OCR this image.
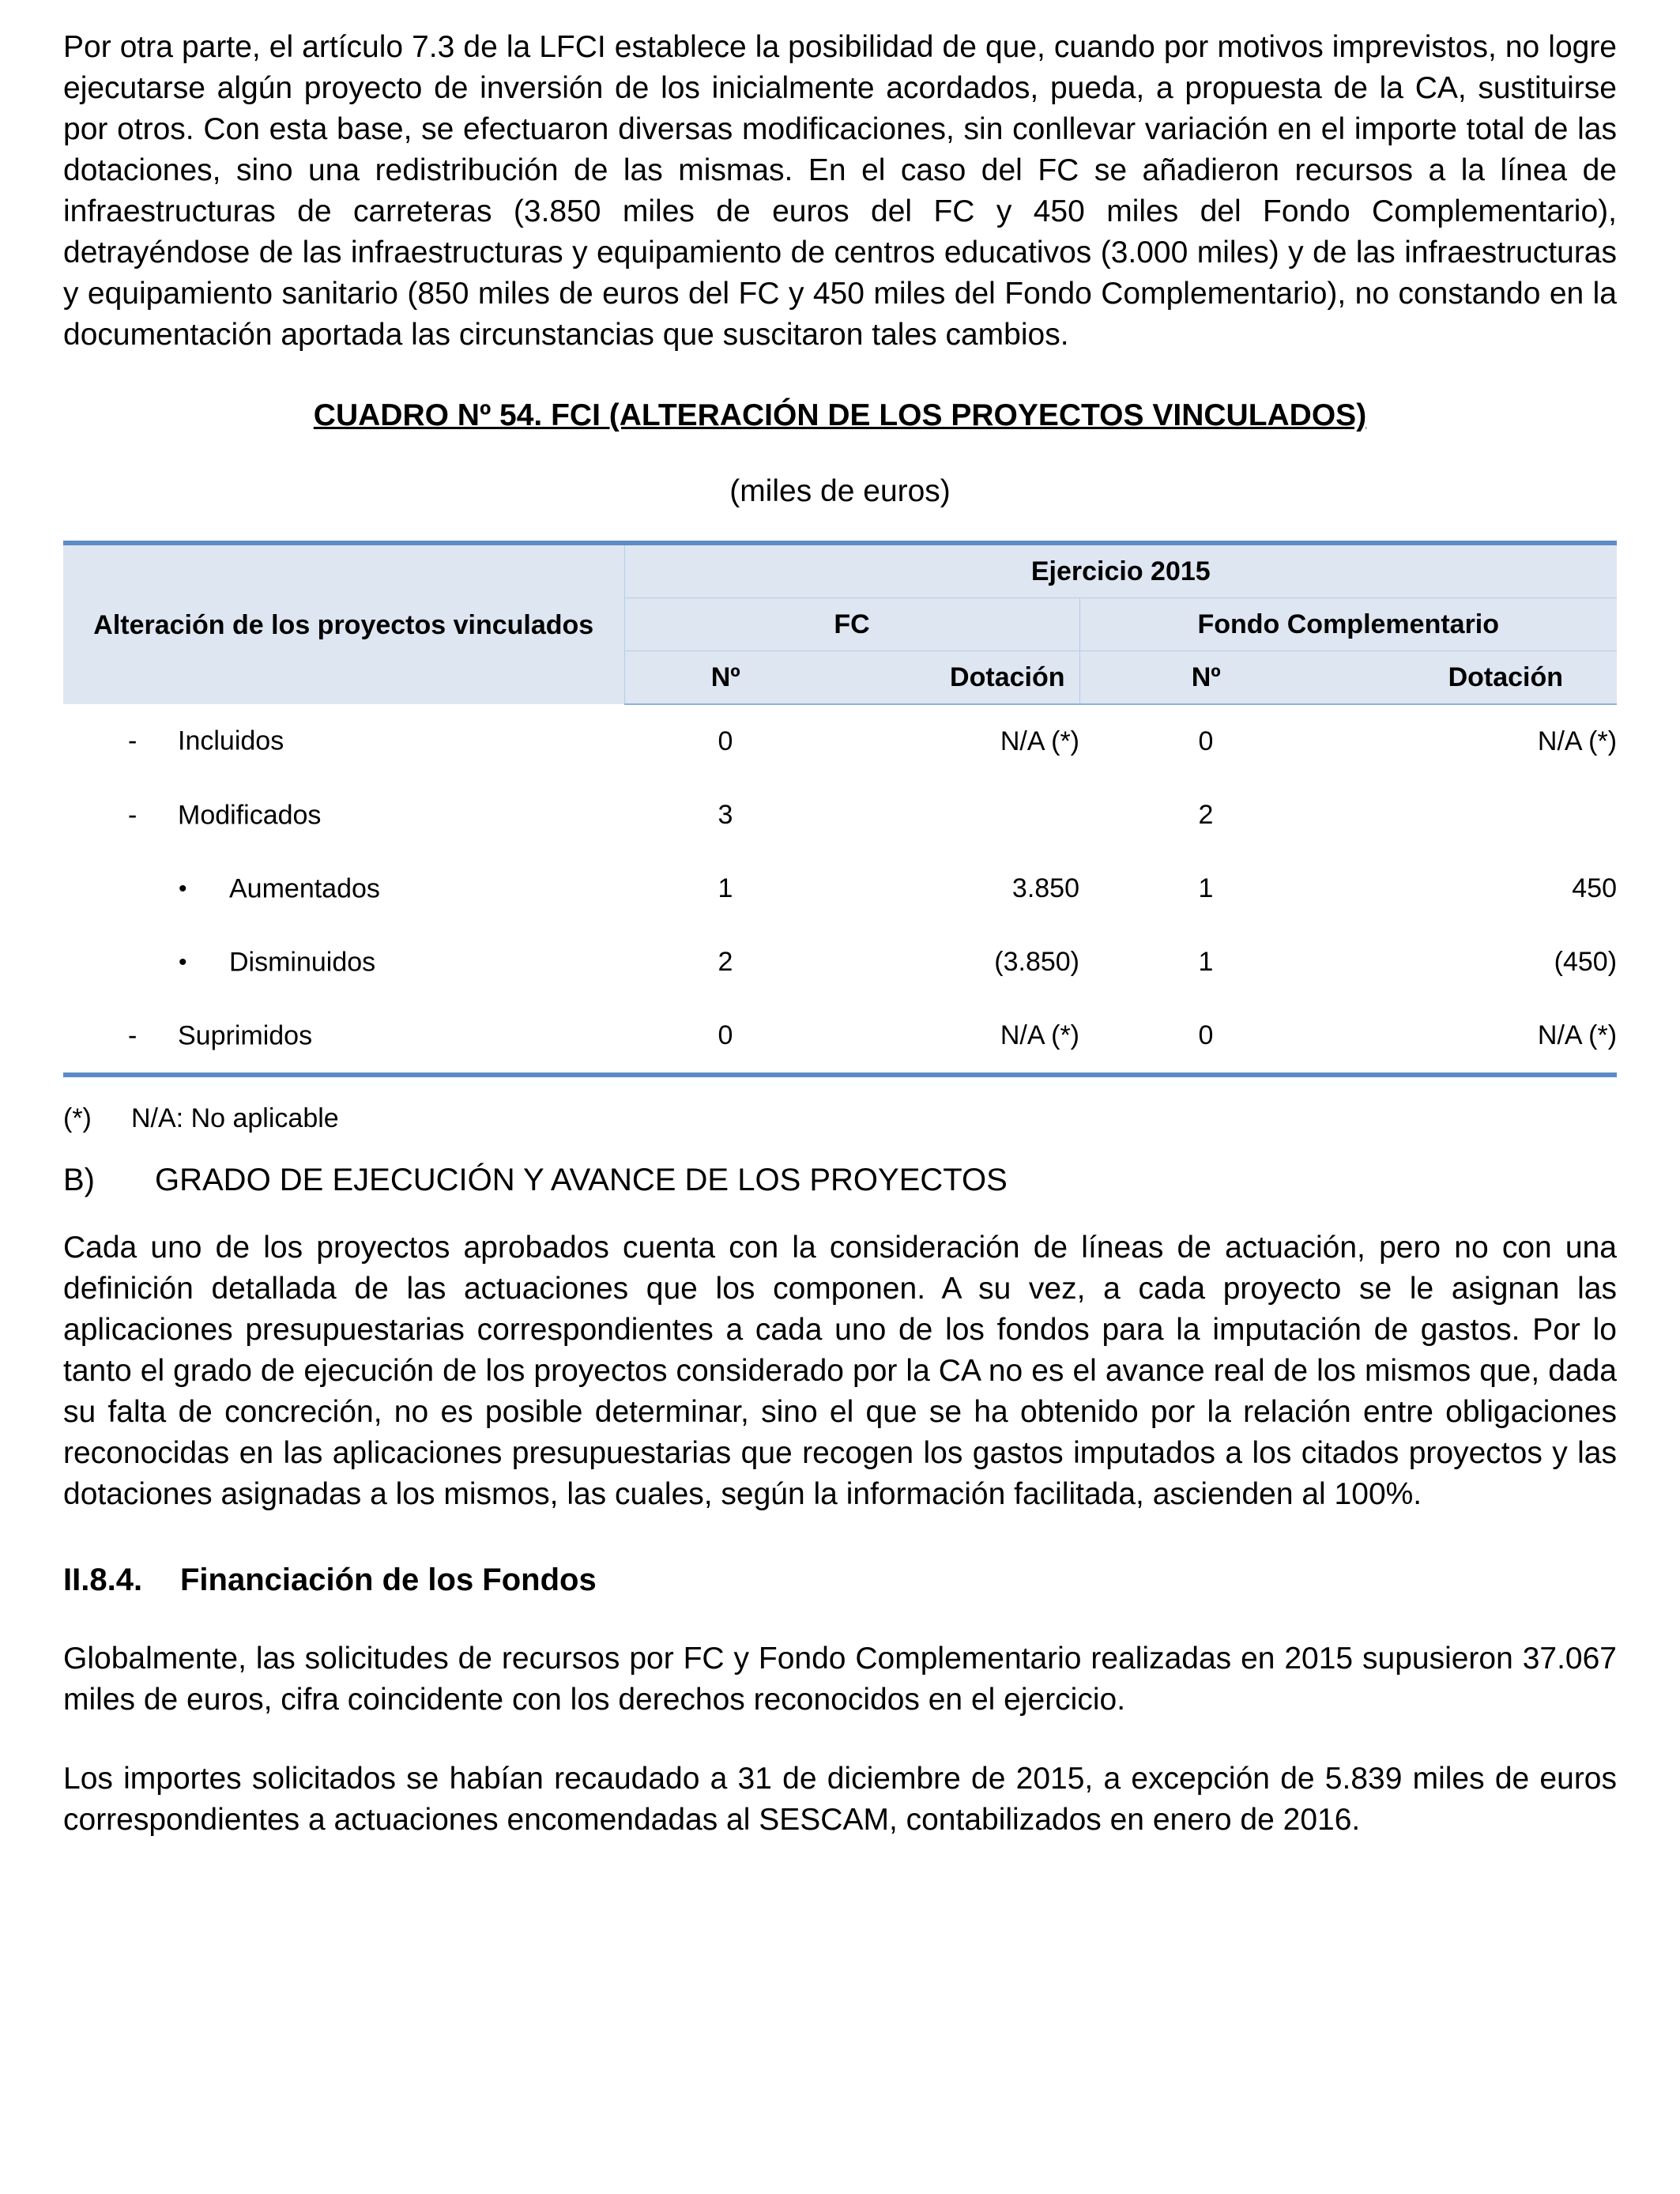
Por otra parte, el artículo 7.3 de la LFCI establece la posibilidad de que, cuando por motivos imprevistos, no logre ejecutarse algún proyecto de inversión de los inicialmente acordados, pueda, a propuesta de la CA, sustituirse por otros. Con esta base, se efectuaron diversas modificaciones, sin conllevar variación en el importe total de las dotaciones, sino una redistribución de las mismas. En el caso del FC se añadieron recursos a la línea de infraestructuras de carreteras (3.850 miles de euros del FC y 450 miles del Fondo Complementario), detrayéndose de las infraestructuras y equipamiento de centros educativos (3.000 miles) y de las infraestructuras y equipamiento sanitario (850 miles de euros del FC y 450 miles del Fondo Complementario), no constando en la documentación aportada las circunstancias que suscitaron tales cambios.

CUADRO Nº 54. FCI (ALTERACIÓN DE LOS PROYECTOS VINCULADOS)
(miles de euros)
Alteración de los proyectos vinculados	Ejercicio 2015			
	FC		Fondo Complementario	
	Nº	Dotación	Nº	Dotación

- Incluidos	0	N/A (*)	0	N/A (*)

- Modificados	3		2	

• Aumentados	1	3.850	1	450

• Disminuidos	2	(3.850)	1	(450)

- Suprimidos	0	N/A (*)	0	N/A (*)
(*) N/A: No aplicable
B) GRADO DE EJECUCIÓN Y AVANCE DE LOS PROYECTOS

Cada uno de los proyectos aprobados cuenta con la consideración de líneas de actuación, pero no con una definición detallada de las actuaciones que los componen. A su vez, a cada proyecto se le asignan las aplicaciones presupuestarias correspondientes a cada uno de los fondos para la imputación de gastos. Por lo tanto el grado de ejecución de los proyectos considerado por la CA no es el avance real de los mismos que, dada su falta de concreción, no es posible determinar, sino el que se ha obtenido por la relación entre obligaciones reconocidas en las aplicaciones presupuestarias que recogen los gastos imputados a los citados proyectos y las dotaciones asignadas a los mismos, las cuales, según la información facilitada, ascienden al 100%.

II.8.4. Financiación de los Fondos

Globalmente, las solicitudes de recursos por FC y Fondo Complementario realizadas en 2015 supusieron 37.067 miles de euros, cifra coincidente con los derechos reconocidos en el ejercicio.

Los importes solicitados se habían recaudado a 31 de diciembre de 2015, a excepción de 5.839 miles de euros correspondientes a actuaciones encomendadas al SESCAM, contabilizados en enero de 2016.
